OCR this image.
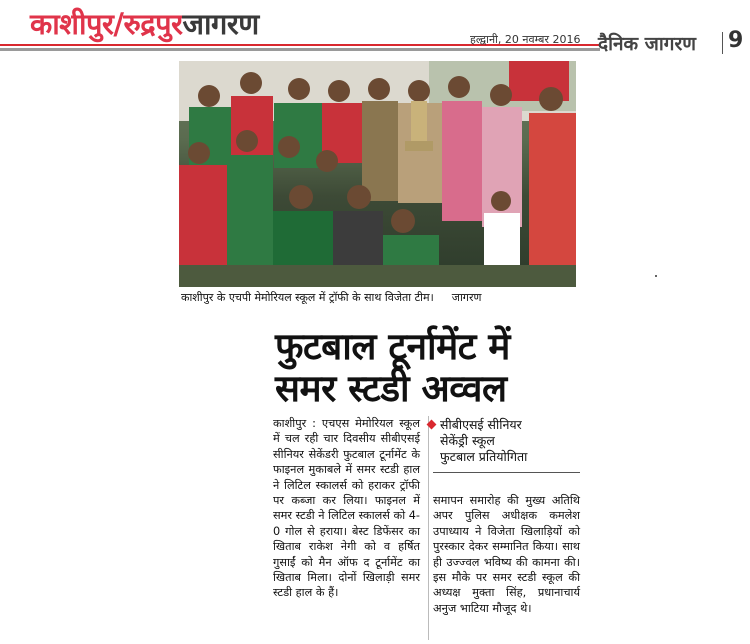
काशीपुर/रुद्रपुरजागरण	हल्द्वानी, 20 नवम्बर 2016 दैनिक जागरण 9
काशीपुर के एचपी मेमोरियल स्कूल में ट्रॉफी के साथ विजेता टीम। जागरण
फुटबाल टूर्नामेंट में
समर स्टडी अव्वल
काशीपुर : एचएस मेमोरियल स्कूल में चल रही चार दिवसीय सीबीएसई सीनियर सेकेंडरी फुटबाल टूर्नामेंट के फाइनल मुकाबले में समर स्टडी हाल ने लिटिल स्कालर्स को हराकर ट्रॉफी पर कब्जा कर लिया। फाइनल में समर स्टडी ने लिटिल स्कालर्स को 4-0 गोल से हराया। बेस्ट डिफेंसर का खिताब राकेश नेगी को व हर्षित गुसाईं को मैन ऑफ द टूर्नामेंट का खिताब मिला। दोनों खिलाड़ी समर स्टडी हाल के हैं।
सीबीएसई सीनियर
सेकेंड्री स्कूल
फुटबाल प्रतियोगिता
समापन समारोह की मुख्य अतिथि अपर पुलिस अधीक्षक कमलेश उपाध्याय ने विजेता खिलाड़ियों को पुरस्कार देकर सम्मानित किया। साथ ही उज्ज्वल भविष्य की कामना की। इस मौके पर समर स्टडी स्कूल की अध्यक्ष मुक्ता सिंह, प्रधानाचार्य अनुज भाटिया मौजूद थे।
